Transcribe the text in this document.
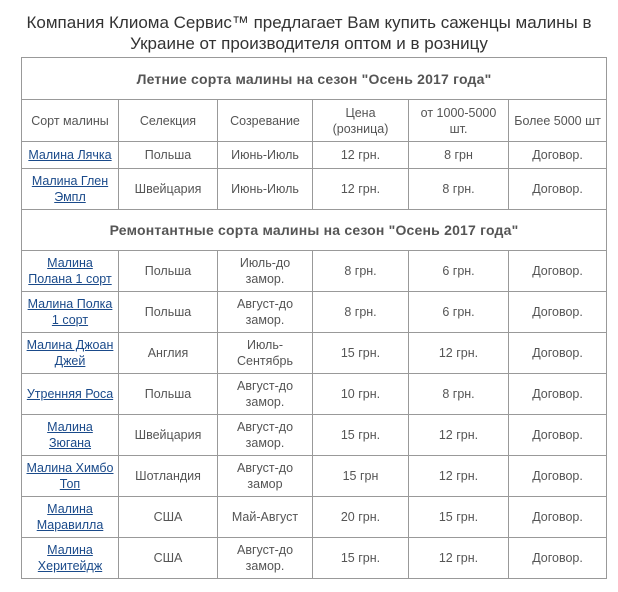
Компания Клиома Сервис™ предлагает Вам купить саженцы малины в Украине от производителя оптом и в розницу
Летние сорта малины на сезон "Осень 2017 года"					
Сорт малины	Селекция	Созревание	Цена (розница)	от 1000-5000 шт.	Более 5000 шт
Малина Лячка	Польша	Июнь-Июль	12 грн.	8 грн	Договор.
Малина Глен Эмпл	Швейцария	Июнь-Июль	12 грн.	8 грн.	Договор.
Ремонтантные сорта малины на сезон "Осень 2017 года"					
Малина Полана 1 сорт	Польша	Июль-до замор.	8 грн.	6 грн.	Договор.
Малина Полка 1 сорт	Польша	Август-до замор.	8 грн.	6 грн.	Договор.
Малина Джоан Джей	Англия	Июль-Сентябрь	15 грн.	12 грн.	Договор.
Утренняя Роса	Польша	Август-до замор.	10 грн.	8 грн.	Договор.
Малина Зюгана	Швейцария	Август-до замор.	15 грн.	12 грн.	Договор.
Малина Химбо Топ	Шотландия	Август-до замор	15 грн	12 грн.	Договор.
Малина Маравилла	США	Май-Август	20 грн.	15 грн.	Договор.
Малина Херитейдж	США	Август-до замор.	15 грн.	12 грн.	Договор.
